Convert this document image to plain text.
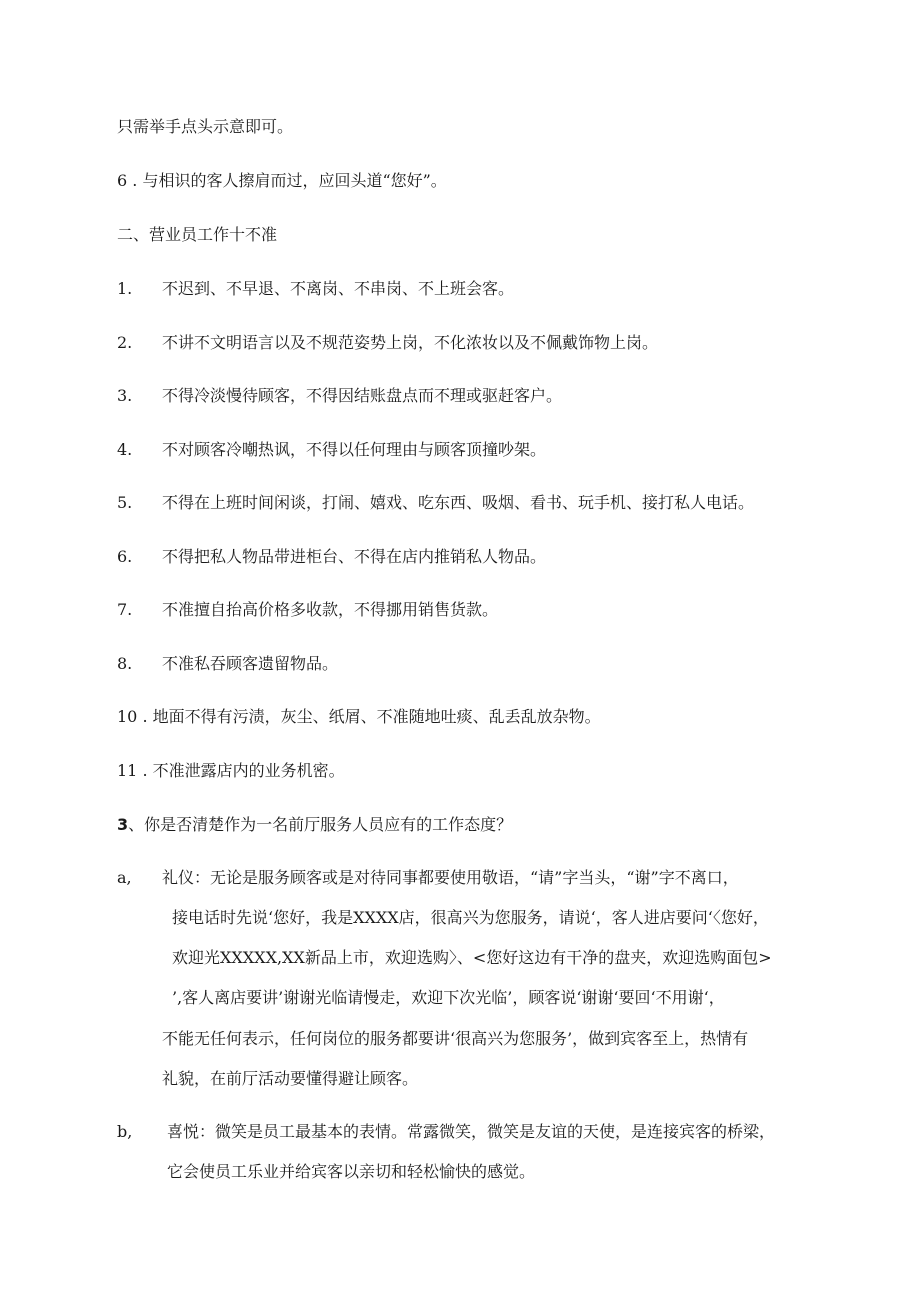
只需举手点头示意即可。
6 . 与相识的客人擦肩而过，应回头道“您好”。
二、营业员工作十不准
1. 不迟到、不早退、不离岗、不串岗、不上班会客。
2. 不讲不文明语言以及不规范姿势上岗，不化浓妆以及不佩戴饰物上岗。
3. 不得冷淡慢待顾客，不得因结账盘点而不理或驱赶客户。
4. 不对顾客冷嘲热讽，不得以任何理由与顾客顶撞吵架。
5. 不得在上班时间闲谈，打闹、嬉戏、吃东西、吸烟、看书、玩手机、接打私人电话。
6. 不得把私人物品带进柜台、不得在店内推销私人物品。
7. 不准擅自抬高价格多收款，不得挪用销售货款。
8. 不准私吞顾客遗留物品。
10 . 地面不得有污渍，灰尘、纸屑、不准随地吐痰、乱丢乱放杂物。
11 . 不准泄露店内的业务机密。
3、你是否清楚作为一名前厅服务人员应有的工作态度？
a, 礼仪：无论是服务顾客或是对待同事都要使用敬语，“请”字当头，“谢”字不离口，
接电话时先说‘您好，我是XXXX店，很高兴为您服务，请说‘，客人进店要问‘〈您好，
欢迎光XXXXX,XX新品上市，欢迎选购〉、<您好这边有干净的盘夹，欢迎选购面包>
’,客人离店要讲’谢谢光临请慢走，欢迎下次光临’，顾客说‘谢谢‘要回‘不用谢‘，
不能无任何表示，任何岗位的服务都要讲‘很高兴为您服务’，做到宾客至上，热情有
礼貌，在前厅活动要懂得避让顾客。
b, 喜悦：微笑是员工最基本的表情。常露微笑，微笑是友谊的天使，是连接宾客的桥梁，
它会使员工乐业并给宾客以亲切和轻松愉快的感觉。
